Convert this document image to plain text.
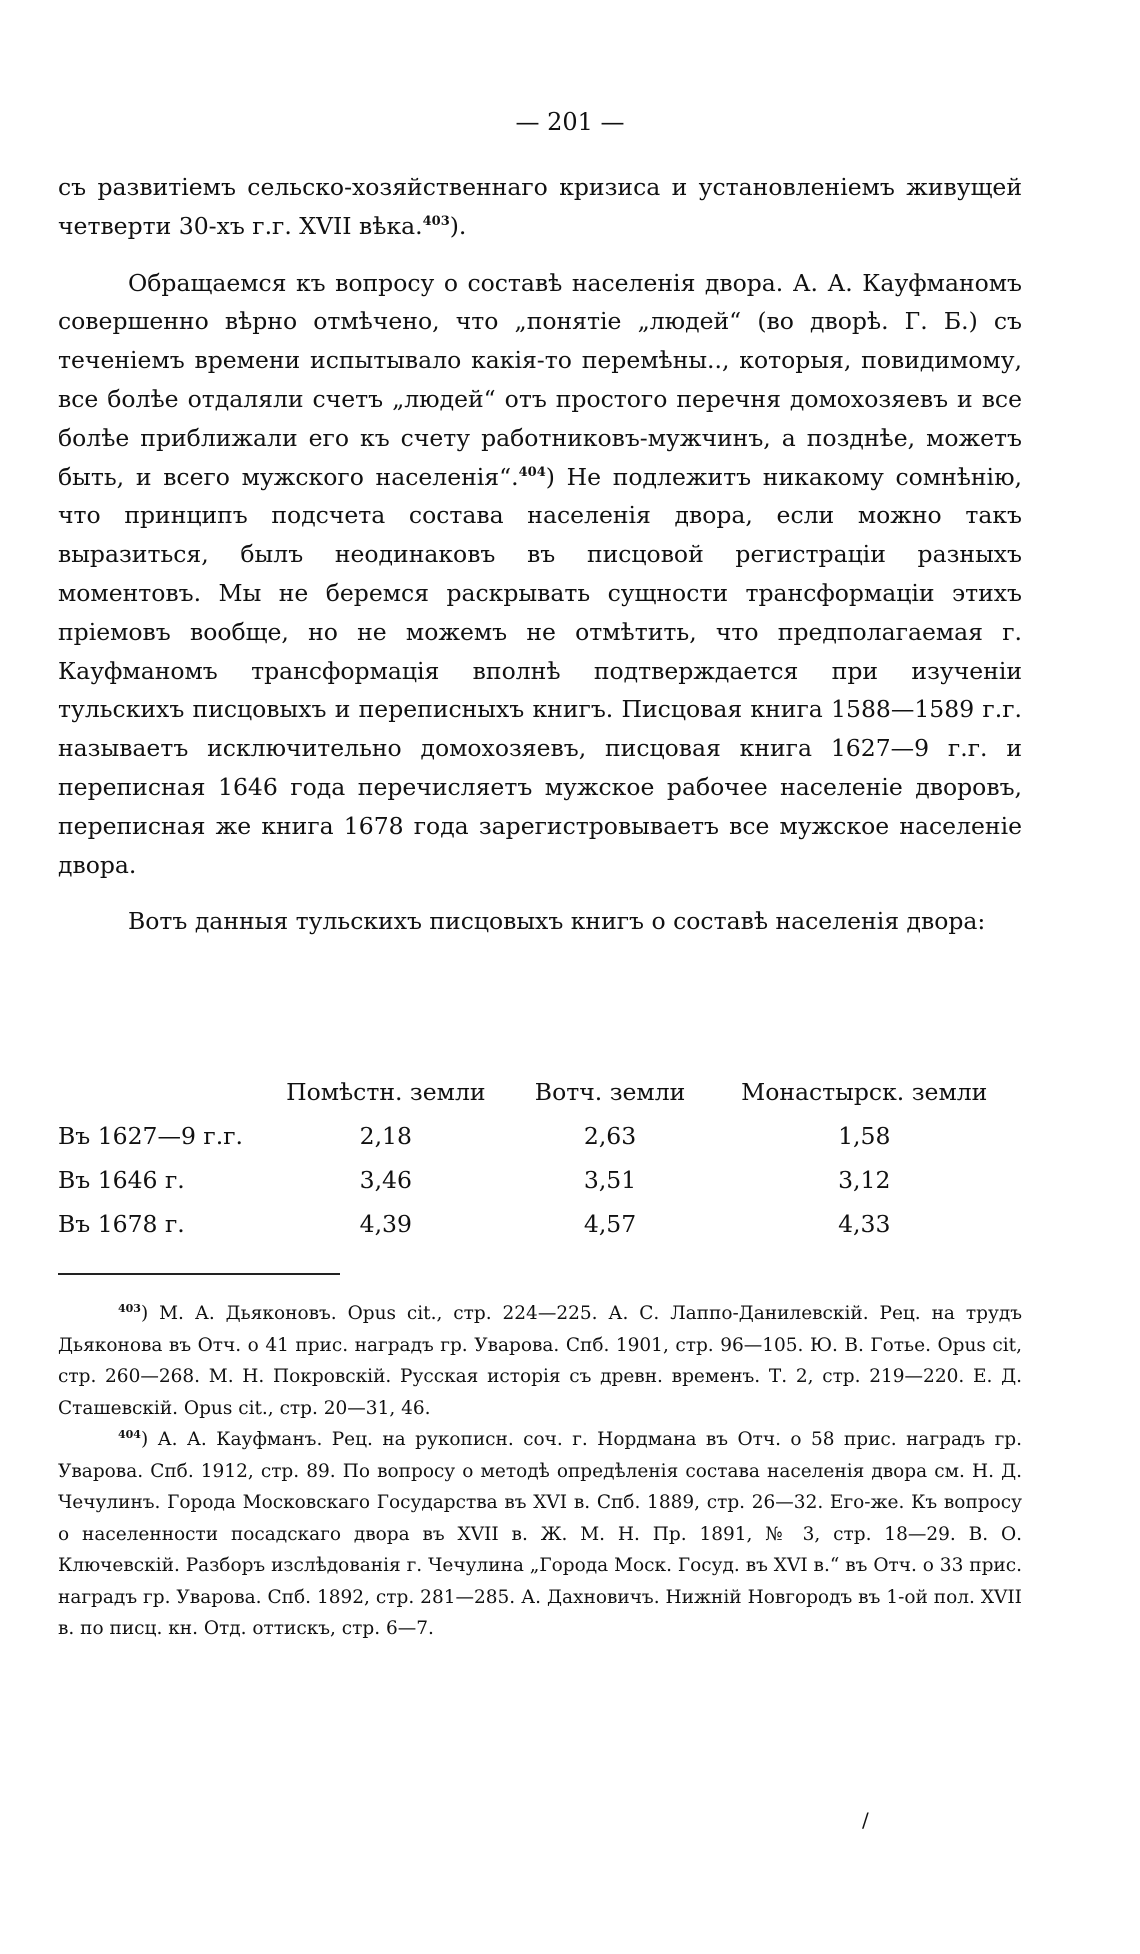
— 201 —

съ развитіемъ сельско-хозяйственнаго кризиса и установленіемъ живущей четверти 30-хъ г.г. XVII вѣка.$^{403}$).

Обращаемся къ вопросу о составѣ населенія двора. А. А. Кауфманомъ совершенно вѣрно отмѣчено, что „понятіе „людей“ (во дворѣ. Г. Б.) съ теченіемъ времени испытывало какія-то перемѣны.., которыя, повидимому, все болѣе отдаляли счетъ „людей“ отъ простого перечня домохозяевъ и все болѣе приближали его къ счету работниковъ-мужчинъ, а позднѣе, можетъ быть, и всего мужского населенія“.$^{404}$) Не подлежитъ никакому сомнѣнію, что принципъ подсчета состава населенія двора, если можно такъ выразиться, былъ неодинаковъ въ писцовой регистраціи разныхъ моментовъ. Мы не беремся раскрывать сущности трансформаціи этихъ пріемовъ вообще, но не можемъ не отмѣтить, что предполагаемая г. Кауфманомъ трансформація вполнѣ подтверждается при изученіи тульскихъ писцовыхъ и переписныхъ книгъ. Писцовая книга 1588—1589 г.г. называетъ исключительно домохозяевъ, писцовая книга 1627—9 г.г. и переписная 1646 года перечисляетъ мужское рабочее населеніе дворовъ, переписная же книга 1678 года зарегистровываетъ все мужское населеніе двора.

Вотъ данныя тульскихъ писцовыхъ книгъ о составѣ населенія двора:

	Помѣстн. земли	Вотч. земли	Монастырск. земли
Въ 1627—9 г.г.	2,18	2,63	1,58
Въ 1646 г.	3,46	3,51	3,12
Въ 1678 г.	4,39	4,57	4,33

$^{403}$) М. А. Дьяконовъ. Opus cit., стр. 224—225. А. С. Лаппо-Данилевскій. Рец. на трудъ Дьяконова въ Отч. о 41 прис. наградъ гр. Уварова. Спб. 1901, стр. 96—105. Ю. В. Готье. Opus cit, стр. 260—268. М. Н. Покровскій. Русская исторія съ древн. временъ. Т. 2, стр. 219—220. Е. Д. Сташевскій. Opus cit., стр. 20—31, 46.

$^{404}$) А. А. Кауфманъ. Рец. на рукописн. соч. г. Нордмана въ Отч. о 58 прис. наградъ гр. Уварова. Спб. 1912, стр. 89. По вопросу о методѣ опредѣленія состава населенія двора см. Н. Д. Чечулинъ. Города Московскаго Государства въ XVI в. Спб. 1889, стр. 26—32. Его-же. Къ вопросу о населенности посадскаго двора въ XVII в. Ж. М. Н. Пр. 1891, № 3, стр. 18—29. В. О. Ключевскій. Разборъ изслѣдованія г. Чечулина „Города Моск. Госуд. въ XVI в.“ въ Отч. о 33 прис. наградъ гр. Уварова. Спб. 1892, стр. 281—285. А. Дахновичъ. Нижній Новгородъ въ 1-ой пол. XVII в. по писц. кн. Отд. оттискъ, стр. 6—7.

/
